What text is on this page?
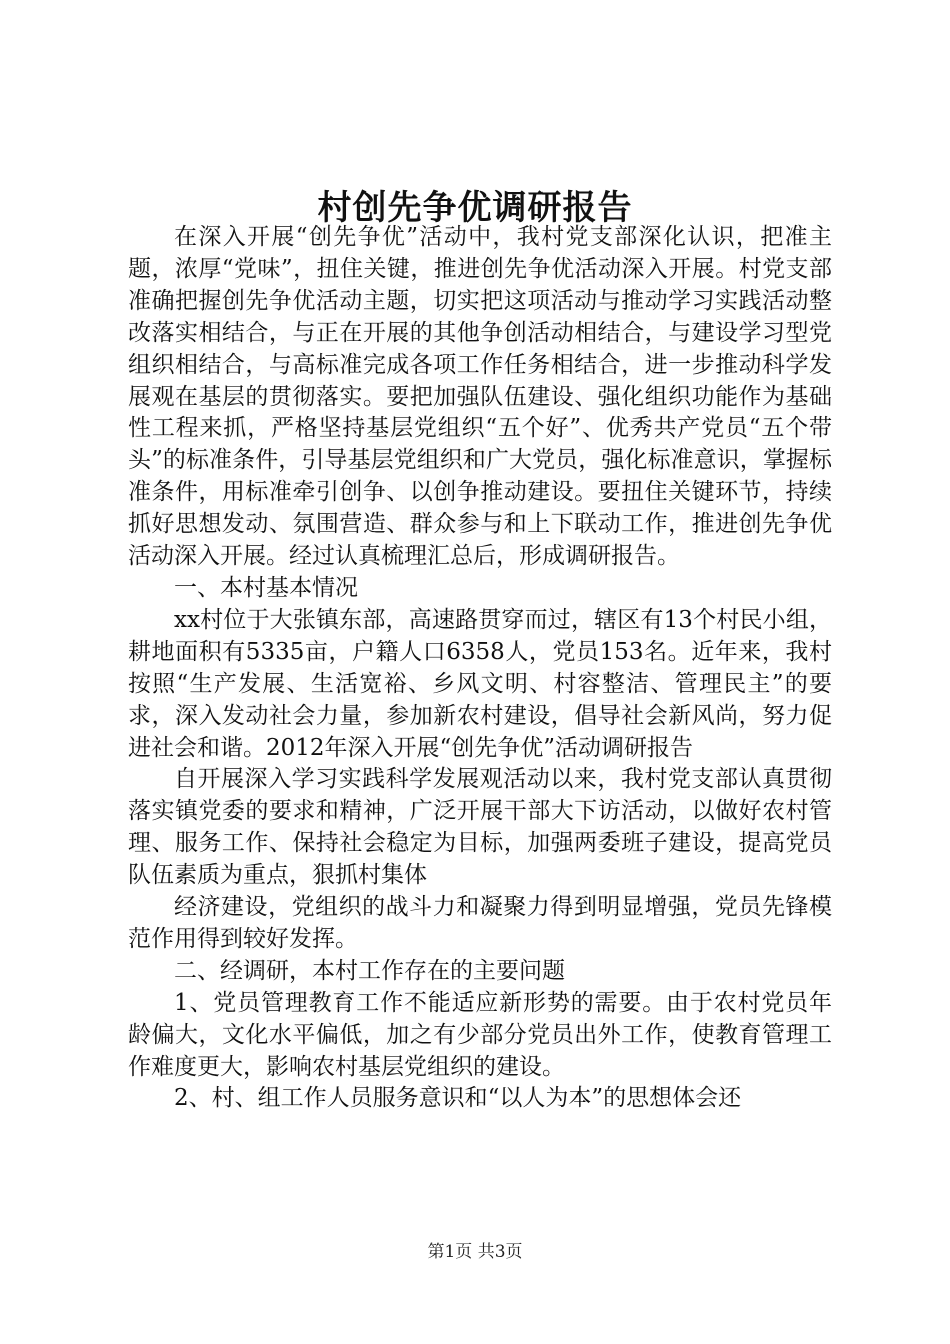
村创先争优调研报告

在深入开展“创先争优”活动中，我村党支部深化认识，把准主题，浓厚“党味”，扭住关键，推进创先争优活动深入开展。村党支部准确把握创先争优活动主题，切实把这项活动与推动学习实践活动整改落实相结合，与正在开展的其他争创活动相结合，与建设学习型党组织相结合，与高标准完成各项工作任务相结合，进一步推动科学发展观在基层的贯彻落实。要把加强队伍建设、强化组织功能作为基础性工程来抓，严格坚持基层党组织“五个好”、优秀共产党员“五个带头”的标准条件，引导基层党组织和广大党员，强化标准意识，掌握标准条件，用标准牵引创争、以创争推动建设。要扭住关键环节，持续抓好思想发动、氛围营造、群众参与和上下联动工作，推进创先争优活动深入开展。经过认真梳理汇总后，形成调研报告。

一、本村基本情况

xx村位于大张镇东部，高速路贯穿而过，辖区有13个村民小组，耕地面积有5335亩，户籍人口6358人，党员153名。近年来，我村按照“生产发展、生活宽裕、乡风文明、村容整洁、管理民主”的要求，深入发动社会力量，参加新农村建设，倡导社会新风尚，努力促进社会和谐。2012年深入开展“创先争优”活动调研报告

自开展深入学习实践科学发展观活动以来，我村党支部认真贯彻落实镇党委的要求和精神，广泛开展干部大下访活动，以做好农村管理、服务工作、保持社会稳定为目标，加强两委班子建设，提高党员队伍素质为重点，狠抓村集体

经济建设，党组织的战斗力和凝聚力得到明显增强，党员先锋模范作用得到较好发挥。

二、经调研，本村工作存在的主要问题

1、党员管理教育工作不能适应新形势的需要。由于农村党员年龄偏大，文化水平偏低，加之有少部分党员出外工作，使教育管理工作难度更大，影响农村基层党组织的建设。

2、村、组工作人员服务意识和“以人为本”的思想体会还

第1页 共3页
